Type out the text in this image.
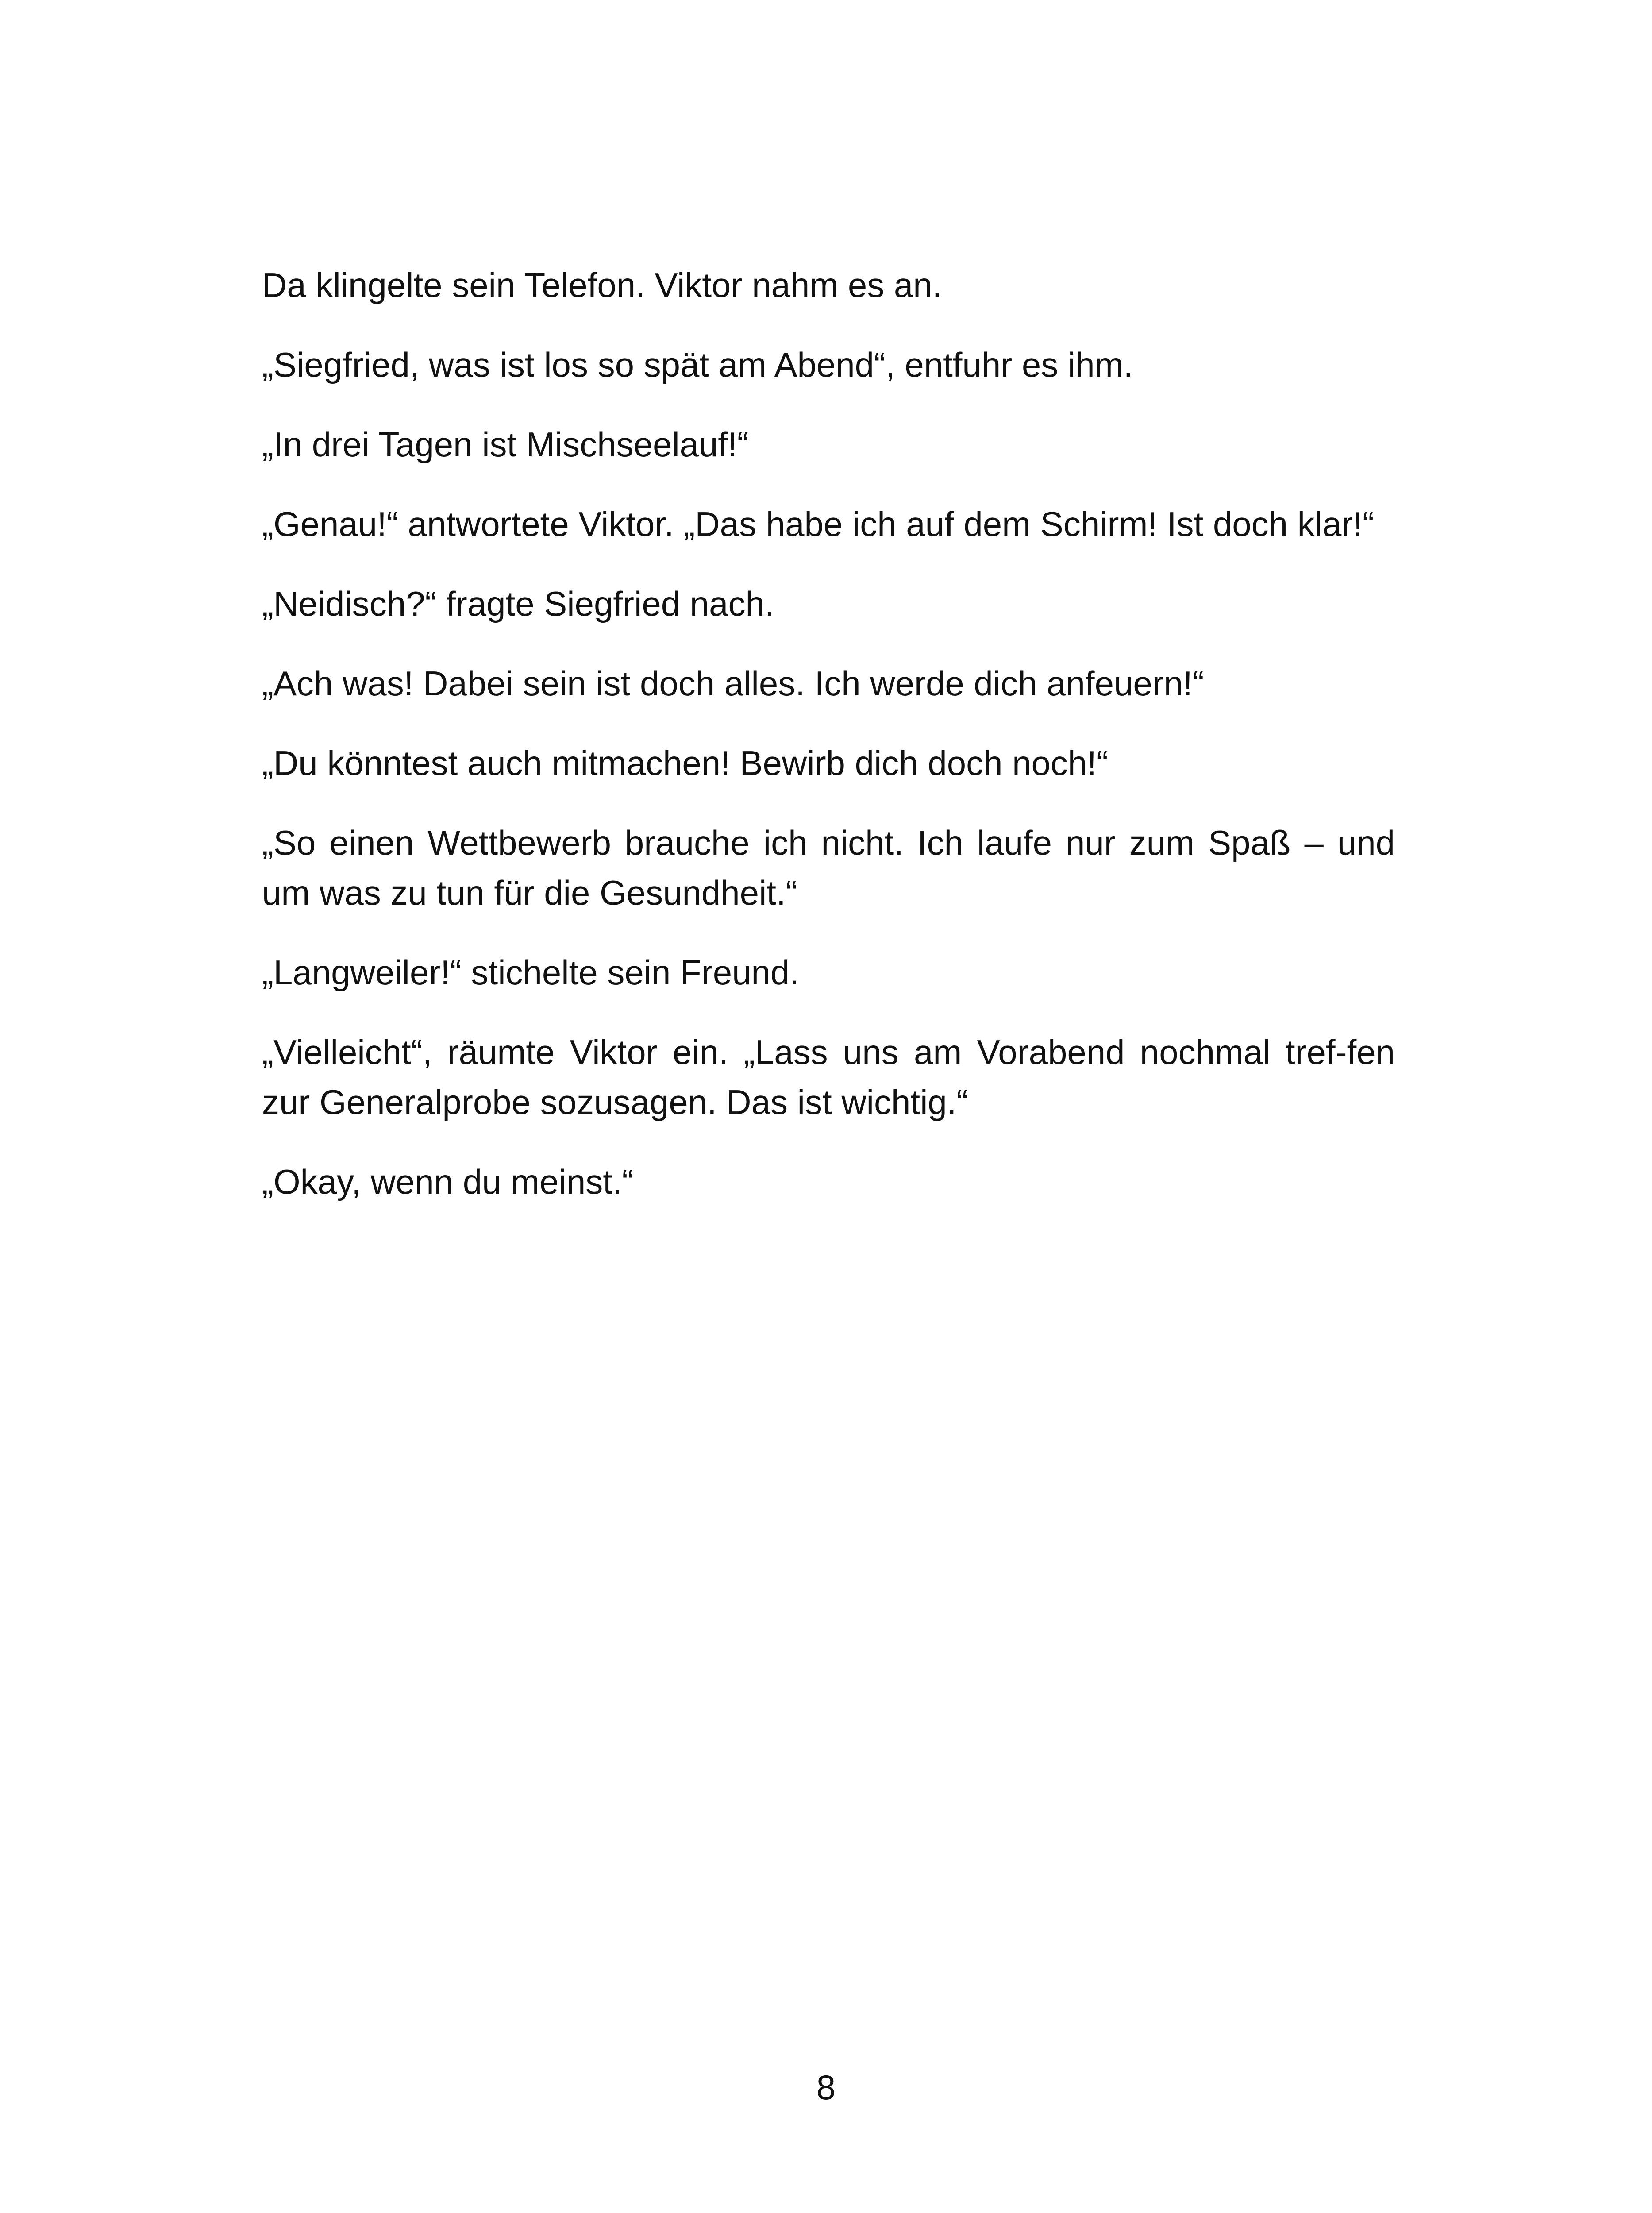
Da klingelte sein Telefon. Viktor nahm es an.

„Siegfried, was ist los so spät am Abend“, entfuhr es ihm.

„In drei Tagen ist Mischseelauf!“

„Genau!“ antwortete Viktor. „Das habe ich auf dem Schirm! Ist doch klar!“

„Neidisch?“ fragte Siegfried nach.

„Ach was! Dabei sein ist doch alles. Ich werde dich anfeuern!“

„Du könntest auch mitmachen! Bewirb dich doch noch!“

„So einen Wettbewerb brauche ich nicht. Ich laufe nur zum Spaß – und um was zu tun für die Gesundheit.“

„Langweiler!“ stichelte sein Freund.

„Vielleicht“, räumte Viktor ein. „Lass uns am Vorabend nochmal tref-fen zur Generalprobe sozusagen. Das ist wichtig.“

„Okay, wenn du meinst.“

8
